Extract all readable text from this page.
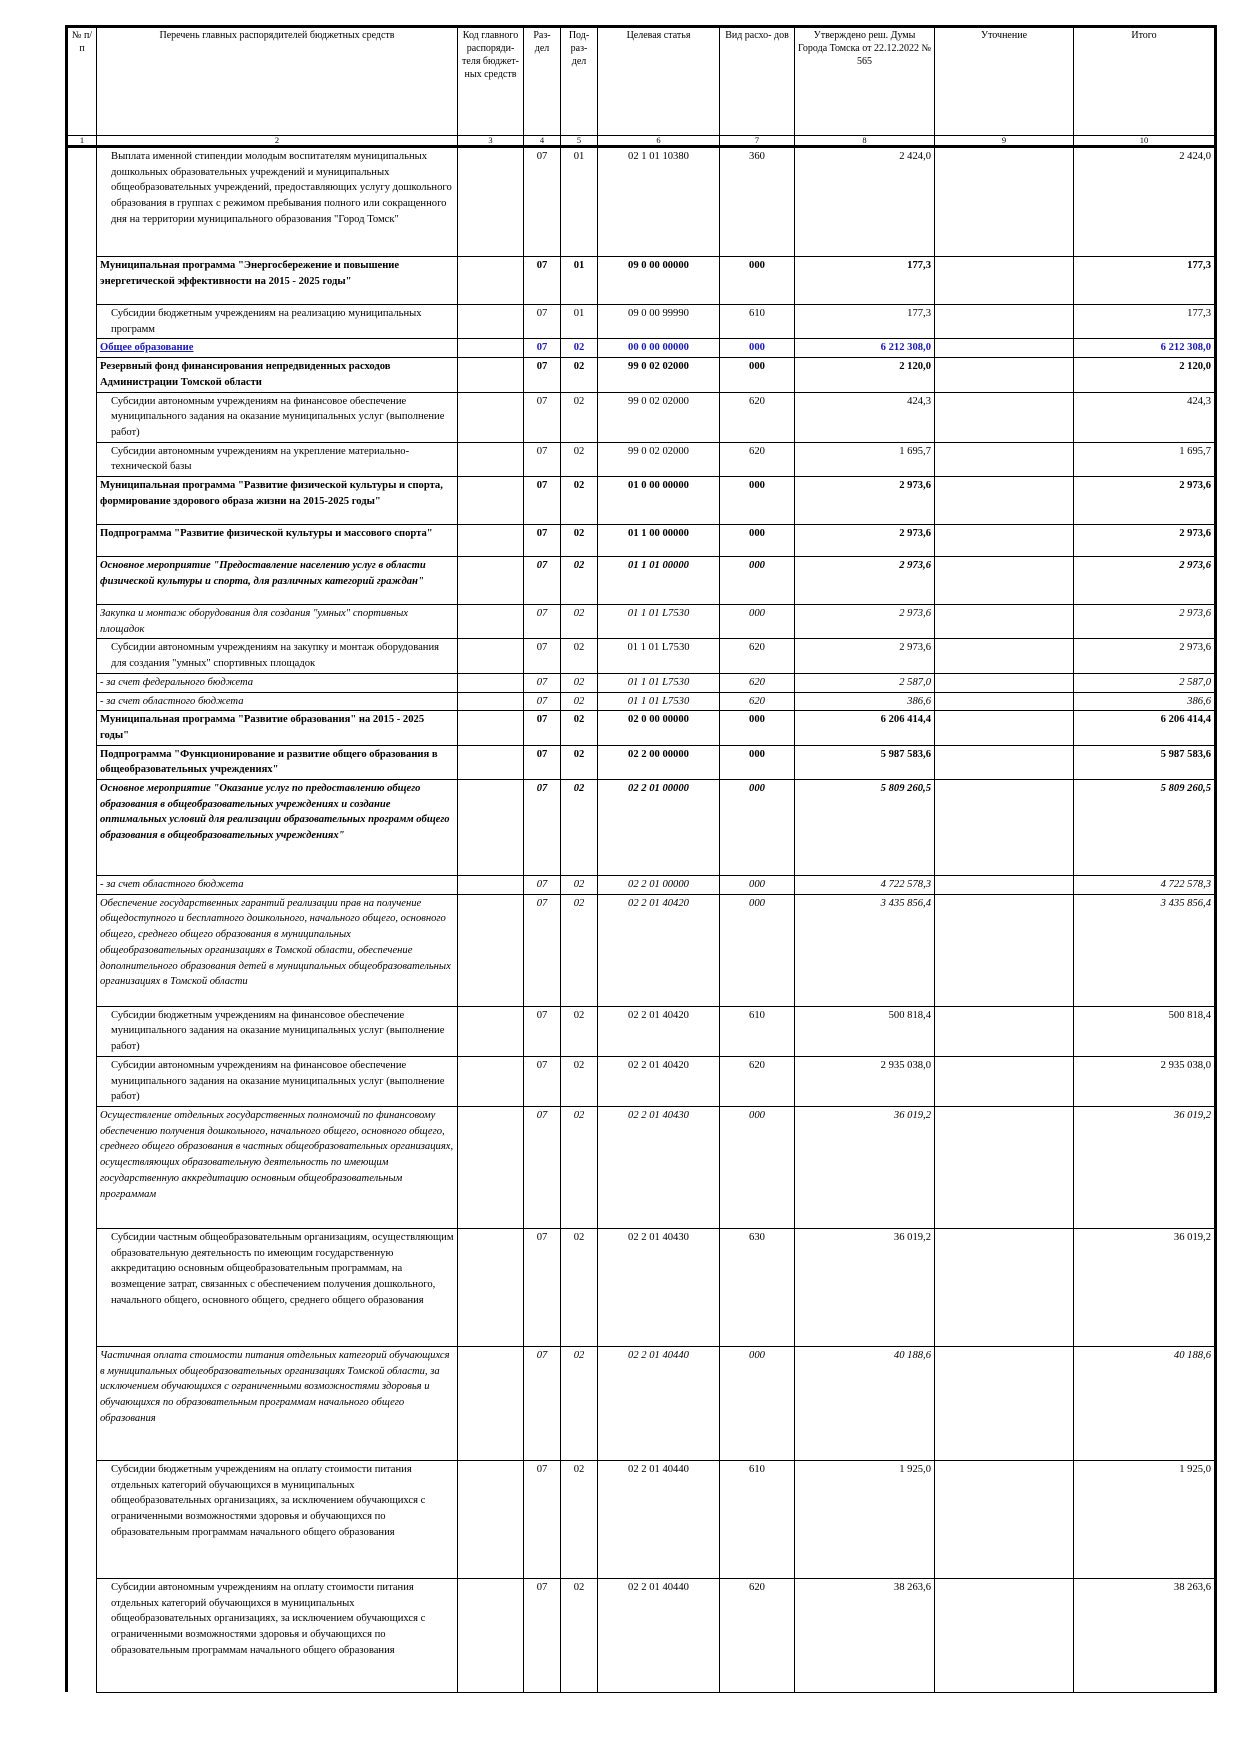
№ п/п	Перечень главных распорядителей бюджетных средств	Код главного распоряди- теля бюджет- ных средств	Раз- дел	Под- раз- дел	Целевая статья	Вид расхо- дов	Утверждено реш. Думы Города Томска от 22.12.2022 № 565	Уточнение	Итого
1	2	3	4	5	6	7	8	9	10
	Выплата именной стипендии молодым воспитателям муниципальных дошкольных образовательных учреждений и муниципальных общеобразовательных учреждений, предоставляющих услугу дошкольного образования в группах с режимом пребывания полного или сокращенного дня на территории муниципального образования "Город Томск"		07	01	02 1 01 10380	360	2 424,0		2 424,0
	Муниципальная программа "Энергосбережение и повышение энергетической эффективности на 2015 - 2025 годы"		07	01	09 0 00 00000	000	177,3		177,3
	Субсидии бюджетным учреждениям на реализацию муниципальных программ		07	01	09 0 00 99990	610	177,3		177,3
	Общее образование		07	02	00 0 00 00000	000	6 212 308,0		6 212 308,0
	Резервный фонд финансирования непредвиденных расходов Администрации Томской области		07	02	99 0 02 02000	000	2 120,0		2 120,0
	Субсидии автономным учреждениям на финансовое обеспечение муниципального задания на оказание муниципальных услуг (выполнение работ)		07	02	99 0 02 02000	620	424,3		424,3
	Субсидии автономным учреждениям на укрепление материально-технической базы		07	02	99 0 02 02000	620	1 695,7		1 695,7
	Муниципальная программа "Развитие физической культуры и спорта, формирование здорового образа жизни на 2015-2025 годы"		07	02	01 0 00 00000	000	2 973,6		2 973,6
	Подпрограмма "Развитие физической культуры и массового спорта"		07	02	01 1 00 00000	000	2 973,6		2 973,6
	Основное мероприятие "Предоставление населению услуг в области физической культуры и спорта, для различных категорий граждан"		07	02	01 1 01 00000	000	2 973,6		2 973,6
	Закупка и монтаж оборудования для создания "умных" спортивных площадок		07	02	01 1 01 L7530	000	2 973,6		2 973,6
	Субсидии автономным учреждениям на закупку и монтаж оборудования для создания "умных" спортивных площадок		07	02	01 1 01 L7530	620	2 973,6		2 973,6
	- за счет федерального бюджета		07	02	01 1 01 L7530	620	2 587,0		2 587,0
	- за счет областного бюджета		07	02	01 1 01 L7530	620	386,6		386,6
	Муниципальная программа "Развитие образования" на 2015 - 2025 годы"		07	02	02 0 00 00000	000	6 206 414,4		6 206 414,4
	Подпрограмма "Функционирование и развитие общего образования в общеобразовательных учреждениях"		07	02	02 2 00 00000	000	5 987 583,6		5 987 583,6
	Основное мероприятие "Оказание услуг по предоставлению общего образования в общеобразовательных учреждениях и создание оптимальных условий для реализации образовательных программ общего образования в общеобразовательных учреждениях"		07	02	02 2 01 00000	000	5 809 260,5		5 809 260,5
	- за счет областного бюджета		07	02	02 2 01 00000	000	4 722 578,3		4 722 578,3
	Обеспечение государственных гарантий реализации прав на получение общедоступного и бесплатного дошкольного, начального общего, основного общего, среднего общего образования в муниципальных общеобразовательных организациях в Томской области, обеспечение дополнительного образования детей в муниципальных общеобразовательных организациях в Томской области		07	02	02 2 01 40420	000	3 435 856,4		3 435 856,4
	Субсидии бюджетным учреждениям на финансовое обеспечение муниципального задания на оказание муниципальных услуг (выполнение работ)		07	02	02 2 01 40420	610	500 818,4		500 818,4
	Субсидии автономным учреждениям на финансовое обеспечение муниципального задания на оказание муниципальных услуг (выполнение работ)		07	02	02 2 01 40420	620	2 935 038,0		2 935 038,0
	Осуществление отдельных государственных полномочий по финансовому обеспечению получения дошкольного, начального общего, основного общего, среднего общего образования в частных общеобразовательных организациях, осуществляющих образовательную деятельность по имеющим государственную аккредитацию основным общеобразовательным программам		07	02	02 2 01 40430	000	36 019,2		36 019,2
	Субсидии частным общеобразовательным организациям, осуществляющим образовательную деятельность по имеющим государственную аккредитацию основным общеобразовательным программам, на возмещение затрат, связанных с обеспечением получения дошкольного, начального общего, основного общего, среднего общего образования		07	02	02 2 01 40430	630	36 019,2		36 019,2
	Частичная оплата стоимости питания отдельных категорий обучающихся в муниципальных общеобразовательных организациях Томской области, за исключением обучающихся с ограниченными возможностями здоровья и обучающихся по образовательным программам начального общего образования		07	02	02 2 01 40440	000	40 188,6		40 188,6
	Субсидии бюджетным учреждениям на оплату стоимости питания отдельных категорий обучающихся в муниципальных общеобразовательных организациях, за исключением обучающихся с ограниченными возможностями здоровья и обучающихся по образовательным программам начального общего образования		07	02	02 2 01 40440	610	1 925,0		1 925,0
	Субсидии автономным учреждениям на оплату стоимости питания отдельных категорий обучающихся в муниципальных общеобразовательных организациях, за исключением обучающихся с ограниченными возможностями здоровья и обучающихся по образовательным программам начального общего образования		07	02	02 2 01 40440	620	38 263,6		38 263,6
